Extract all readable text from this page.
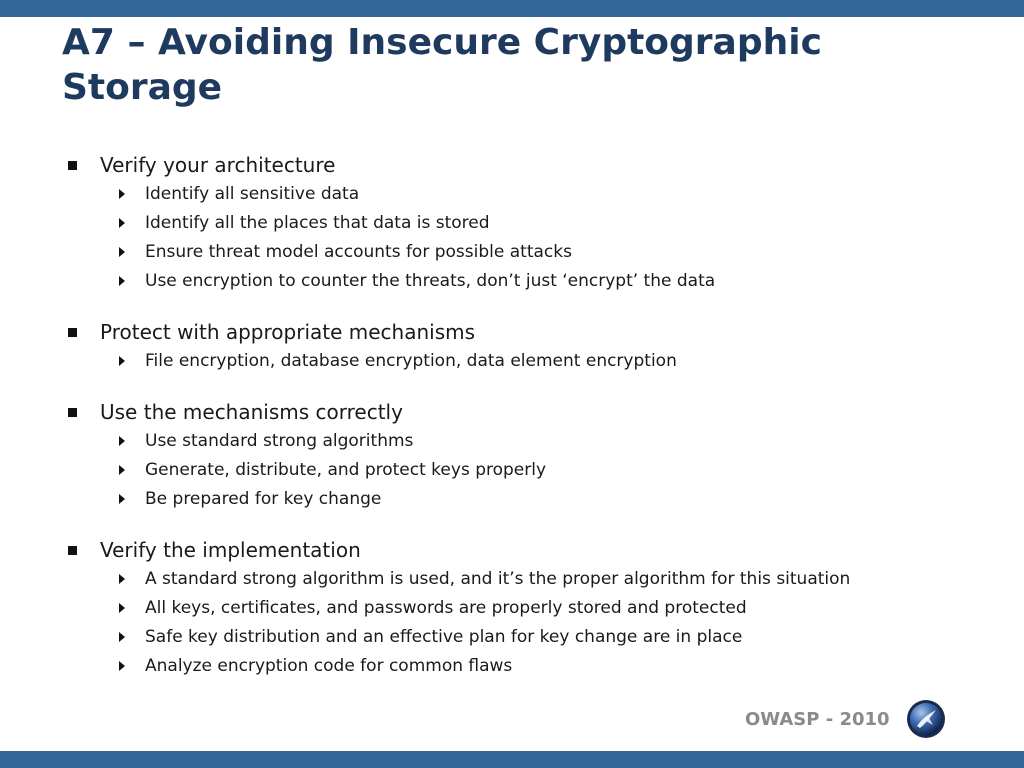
A7 – Avoiding Insecure Cryptographic
Storage
Verify your architecture
Identify all sensitive data
Identify all the places that data is stored
Ensure threat model accounts for possible attacks
Use encryption to counter the threats, don’t just ‘encrypt’ the data
Protect with appropriate mechanisms
File encryption, database encryption, data element encryption
Use the mechanisms correctly
Use standard strong algorithms
Generate, distribute, and protect keys properly
Be prepared for key change
Verify the implementation
A standard strong algorithm is used, and it’s the proper algorithm for this situation
All keys, certificates, and passwords are properly stored and protected
Safe key distribution and an effective plan for key change are in place
Analyze encryption code for common flaws
OWASP - 2010
